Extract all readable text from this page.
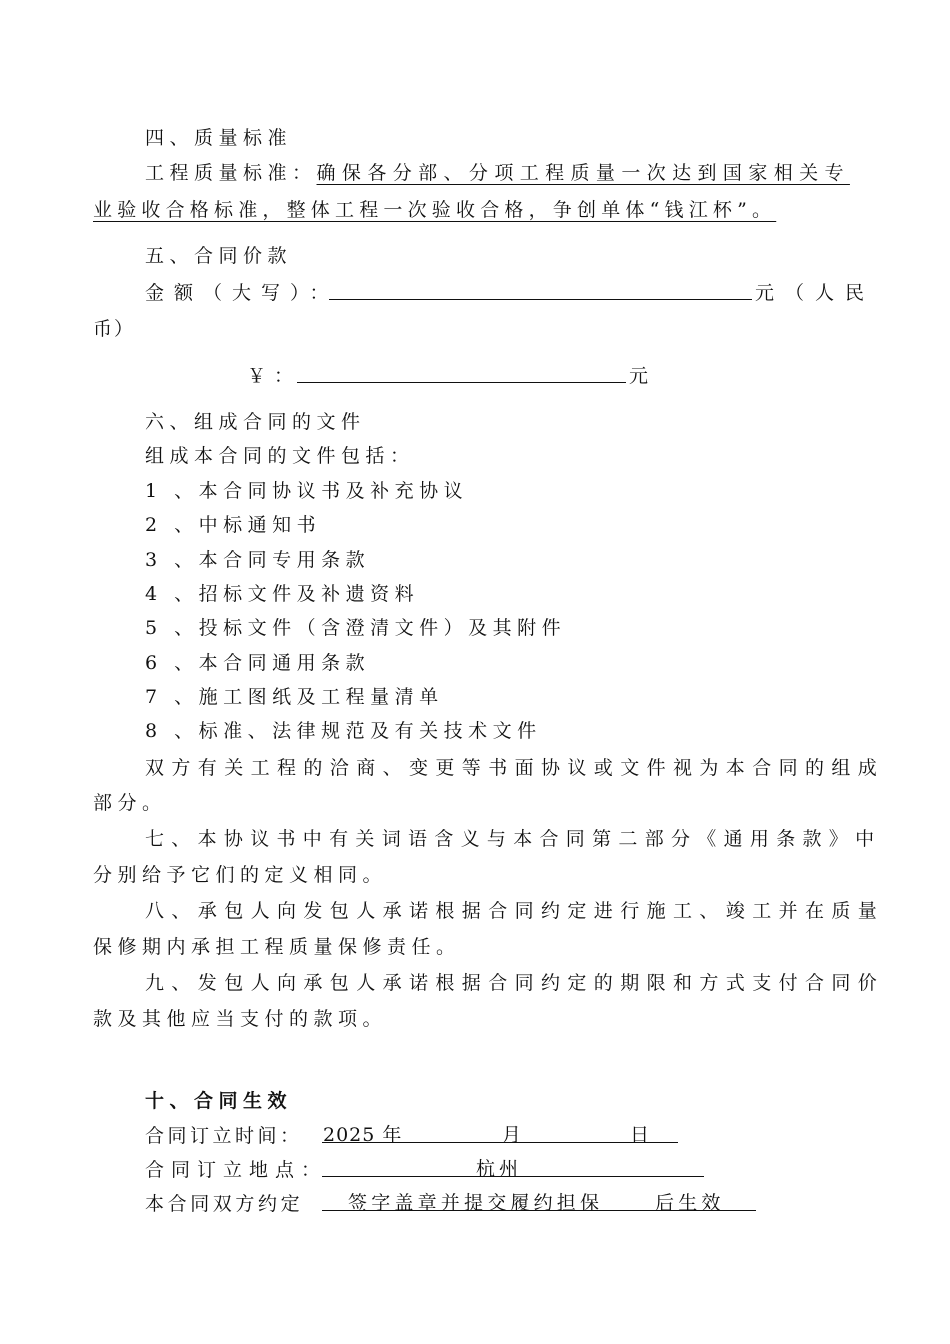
四、质量标准
工程质量标准：确保各分部、分项工程质量一次达到国家相关专
业验收合格标准，整体工程一次验收合格，争创单体“钱江杯”。
五、合同价款
金额（大写）：	元（人民
币）
￥：	元
六、组成合同的文件
组成本合同的文件包括：
1 、本合同协议书及补充协议
2 、中标通知书
3 、本合同专用条款
4 、招标文件及补遗资料
5 、投标文件（含澄清文件）及其附件
6 、本合同通用条款
7 、施工图纸及工程量清单
8 、标准、法律规范及有关技术文件
双方有关工程的洽商、变更等书面协议或文件视为本合同的组成
部分。
七、本协议书中有关词语含义与本合同第二部分《通用条款》中
分别给予它们的定义相同。
八、承包人向发包人承诺根据合同约定进行施工、竣工并在质量
保修期内承担工程质量保修责任。
九、发包人向承包人承诺根据合同约定的期限和方式支付合同价
款及其他应当支付的款项。
十、合同生效
合同订立时间： 2025 年	月	日
合同订立地点：	杭州
本合同双方约定 签字盖章并提交履约担保	后生效
